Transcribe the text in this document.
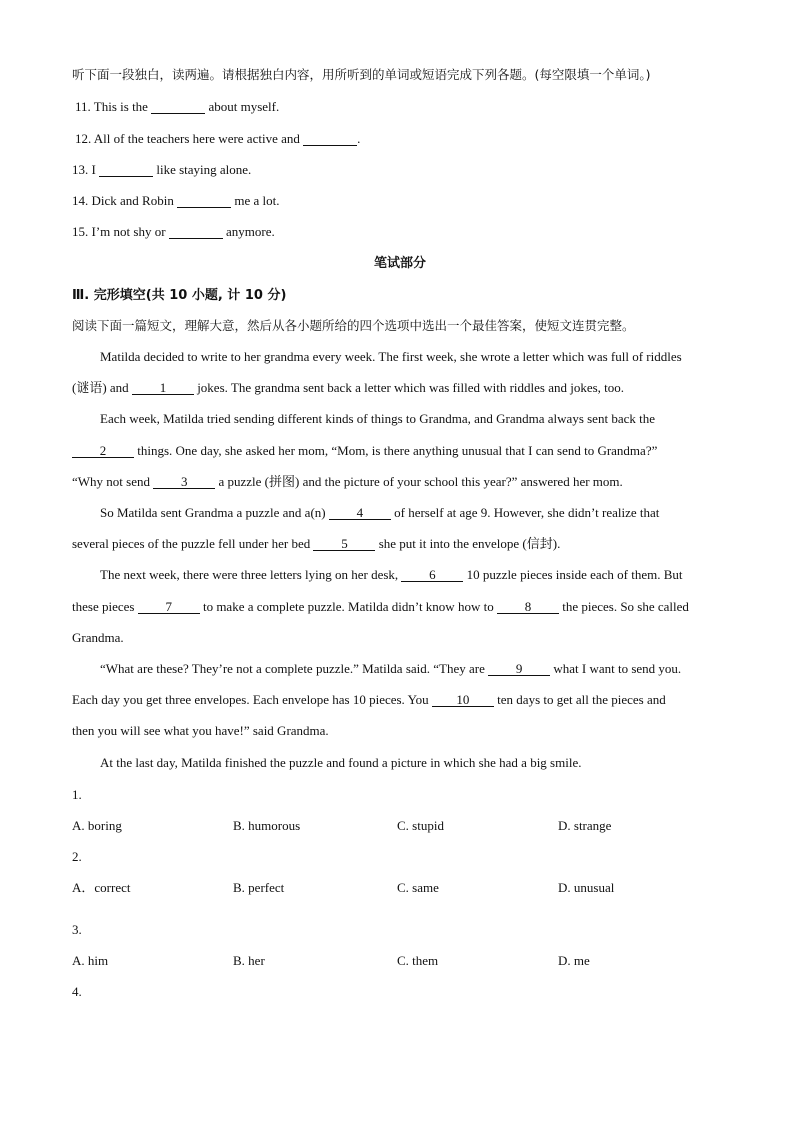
听下面一段独白，读两遍。请根据独白内容，用所听到的单词或短语完成下列各题。(每空限填一个单词。)
11. This is the	about myself.
12. All of the teachers here were active and	.
13. I	like staying alone.
14. Dick and Robin	me a lot.
15. I’m not shy or	anymore.
笔试部分
Ⅲ. 完形填空(共 10 小题, 计 10 分)
阅读下面一篇短文，理解大意，然后从各小题所给的四个选项中选出一个最佳答案，使短文连贯完整。
Matilda decided to write to her grandma every week. The first week, she wrote a letter which was full of riddles
(谜语) and 1 jokes. The grandma sent back a letter which was filled with riddles and jokes, too.
Each week, Matilda tried sending different kinds of things to Grandma, and Grandma always sent back the
2 things. One day, she asked her mom, “Mom, is there anything unusual that I can send to Grandma?”
“Why not send 3 a puzzle (拼图) and the picture of your school this year?” answered her mom.
So Matilda sent Grandma a puzzle and a(n) 4 of herself at age 9. However, she didn’t realize that
several pieces of the puzzle fell under her bed 5 she put it into the envelope (信封).
The next week, there were three letters lying on her desk, 6 10 puzzle pieces inside each of them. But
these pieces 7 to make a complete puzzle. Matilda didn’t know how to 8 the pieces. So she called
Grandma.
“What are these? They’re not a complete puzzle.” Matilda said. “They are 9 what I want to send you.
Each day you get three envelopes. Each envelope has 10 pieces. You 10 ten days to get all the pieces and
then you will see what you have!” said Grandma.
At the last day, Matilda finished the puzzle and found a picture in which she had a big smile.
1.
A. boring	B. humorous	C. stupid	D. strange
2.
A．correct	B. perfect	C. same	D. unusual
3.
A. him	B. her	C. them	D. me
4.
